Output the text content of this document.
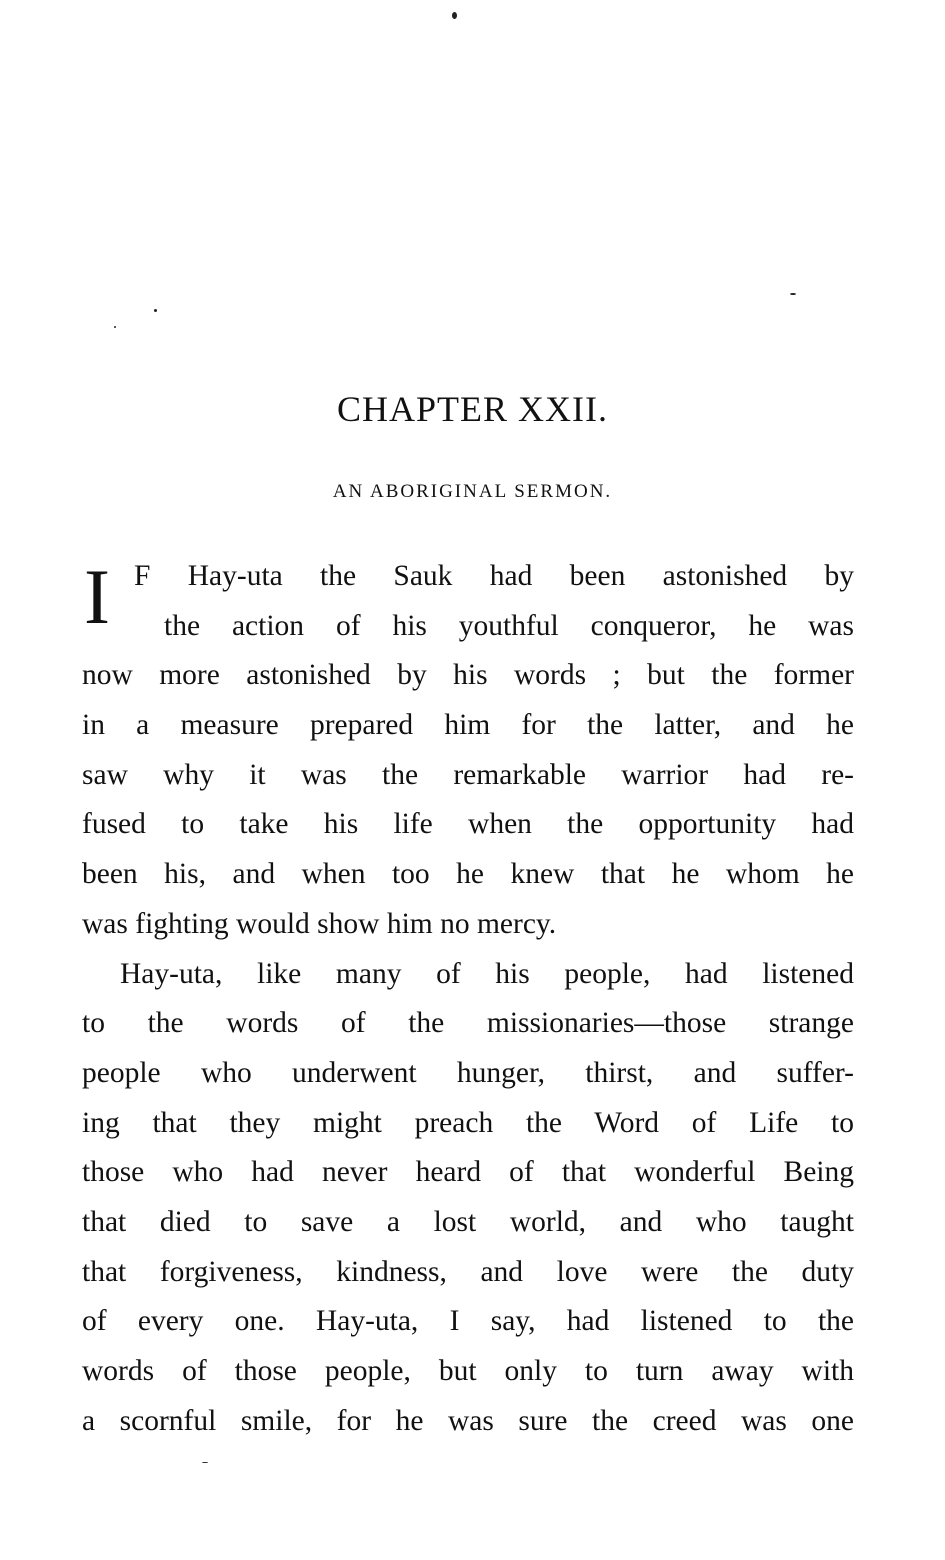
CHAPTER XXII.
AN ABORIGINAL SERMON.
I F Hay-uta the Sauk had been astonished by
the action of his youthful conqueror, he was
now more astonished by his words ; but the former
in a measure prepared him for the latter, and he
saw why it was the remarkable warrior had re-
fused to take his life when the opportunity had
been his, and when too he knew that he whom he
was fighting would show him no mercy.
Hay-uta, like many of his people, had listened
to the words of the missionaries—those strange
people who underwent hunger, thirst, and suffer-
ing that they might preach the Word of Life to
those who had never heard of that wonderful Being
that died to save a lost world, and who taught
that forgiveness, kindness, and love were the duty
of every one. Hay-uta, I say, had listened to the
words of those people, but only to turn away with
a scornful smile, for he was sure the creed was one
